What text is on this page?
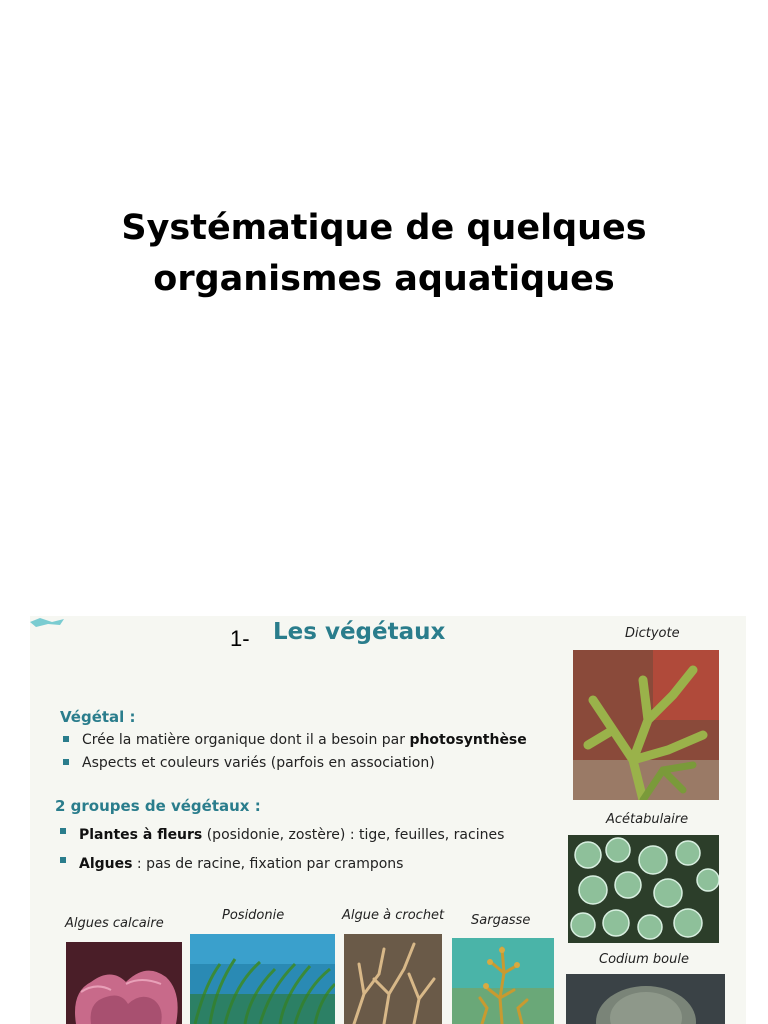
Systématique de quelques
organismes aquatiques
1- Les végétaux
Végétal :
Crée la matière organique dont il a besoin par photosynthèse
Aspects et couleurs variés (parfois en association)
2 groupes de végétaux :
Plantes à fleurs (posidonie, zostère) : tige, feuilles, racines
Algues : pas de racine, fixation par crampons
Dictyote
Acétabulaire
Codium boule
Algues calcaire
Posidonie	Algue à crochet Sargasse
